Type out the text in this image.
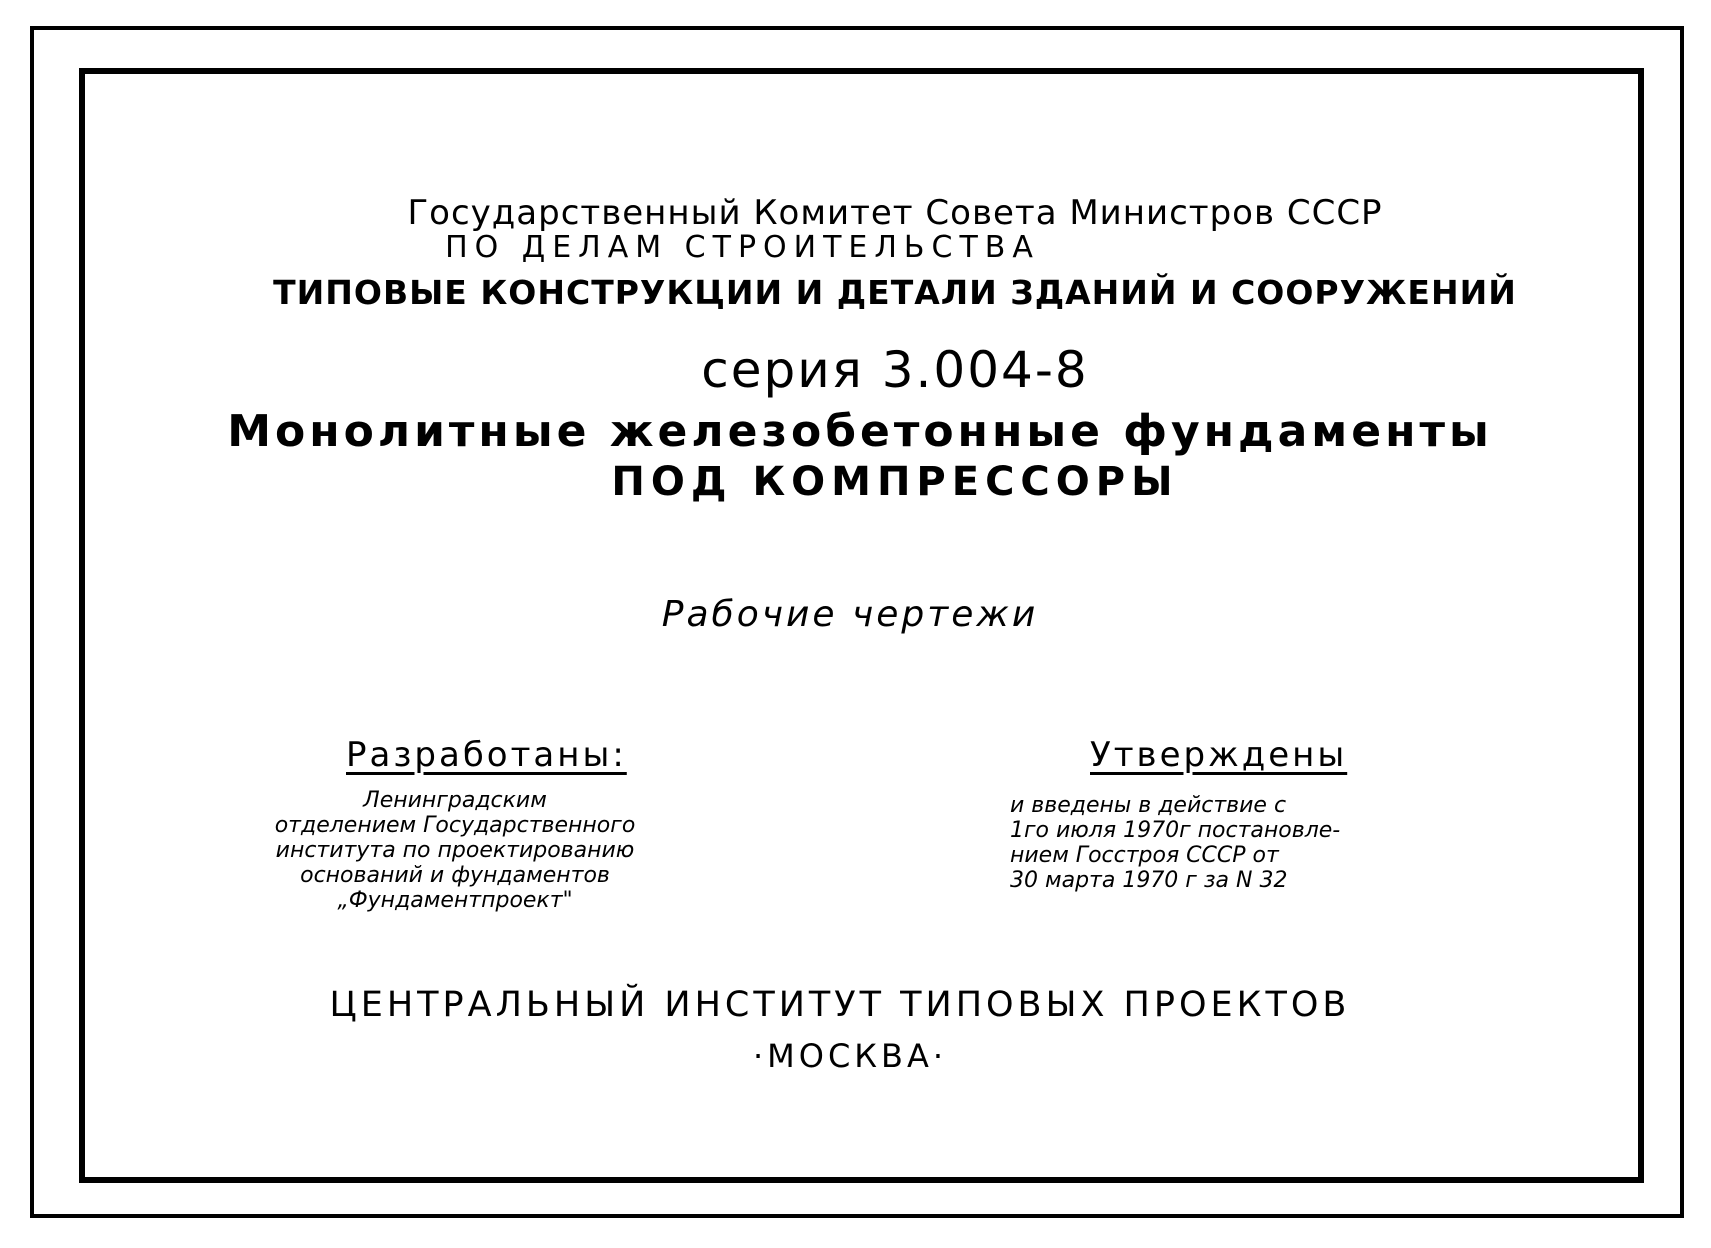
Государственный Комитет Совета Министров СССР
ПО ДЕЛАМ СТРОИТЕЛЬСТВА
ТИПОВЫЕ КОНСТРУКЦИИ И ДЕТАЛИ ЗДАНИЙ И СООРУЖЕНИЙ
серия 3.004-8
Монолитные железобетонные фундаменты
ПОД КОМПРЕССОРЫ
Рабочие чертежи
Разработаны:
Ленинградским
отделением Государственного
института по проектированию
оснований и фундаментов
„Фундаментпроект"
Утверждены
и введены в действие с
1го июля 1970г постановле-
нием Госстроя СССР от
30 марта 1970 г за N 32
ЦЕНТРАЛЬНЫЙ ИНСТИТУТ ТИПОВЫХ ПРОЕКТОВ
·МОСКВА·
